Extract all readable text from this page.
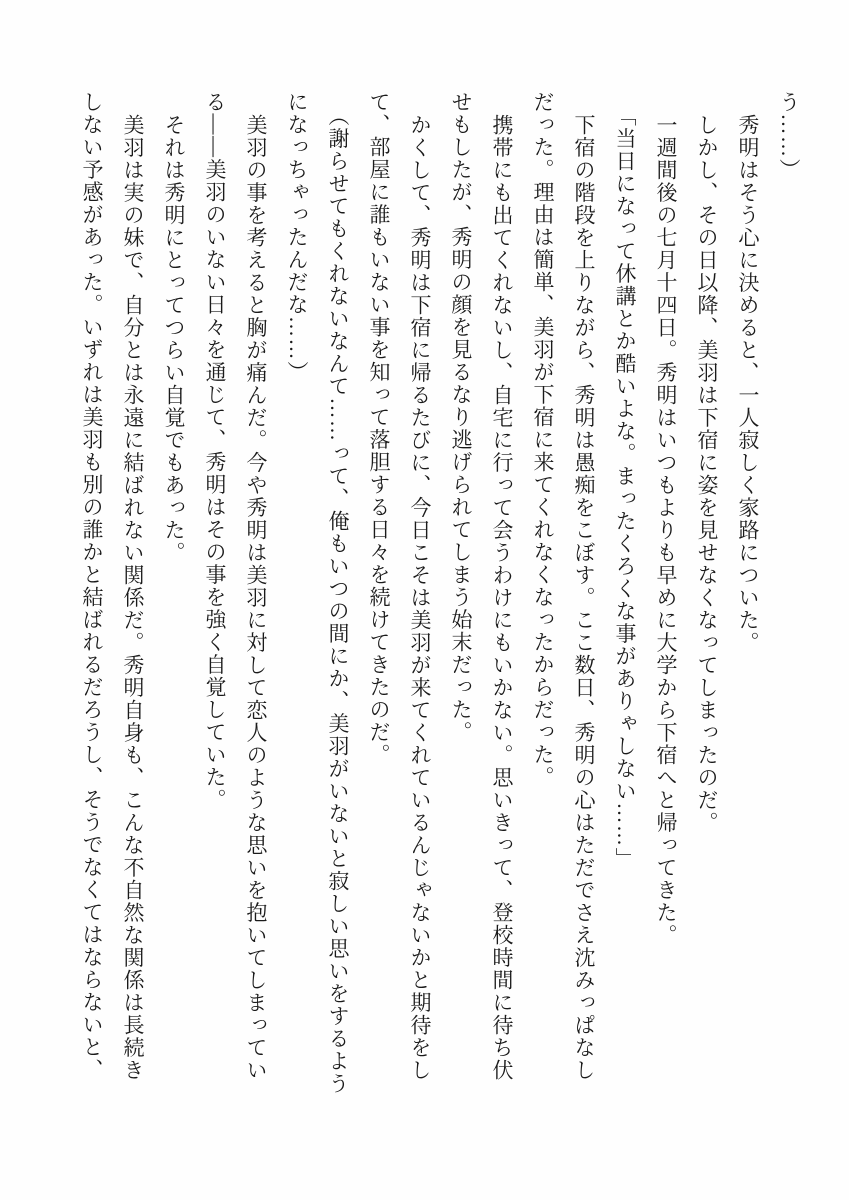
う……）

秀明はそう心に決めると、一人寂しく家路についた。

しかし、その日以降、美羽は下宿に姿を見せなくなってしまったのだ。

一週間後の七月十四日。秀明はいつもよりも早めに大学から下宿へと帰ってきた。

「当日になって休講とか酷いよな。まったくろくな事がありゃしない……」

下宿の階段を上りながら、秀明は愚痴をこぼす。ここ数日、秀明の心はただでさえ沈みっぱなしだった。理由は簡単、美羽が下宿に来てくれなくなったからだった。

携帯にも出てくれないし、自宅に行って会うわけにもいかない。思いきって、登校時間に待ち伏せもしたが、秀明の顔を見るなり逃げられてしまう始末だった。

かくして、秀明は下宿に帰るたびに、今日こそは美羽が来てくれているんじゃないかと期待をして、部屋に誰もいない事を知って落胆する日々を続けてきたのだ。

（謝らせてもくれないなんて……って、俺もいつの間にか、美羽がいないと寂しい思いをするようになっちゃったんだな……）

美羽の事を考えると胸が痛んだ。今や秀明は美羽に対して恋人のような思いを抱いてしまっている――美羽のいない日々を通じて、秀明はその事を強く自覚していた。

それは秀明にとってつらい自覚でもあった。

美羽は実の妹で、自分とは永遠に結ばれない関係だ。秀明自身も、こんな不自然な関係は長続きしない予感があった。いずれは美羽も別の誰かと結ばれるだろうし、そうでなくてはならないと、
